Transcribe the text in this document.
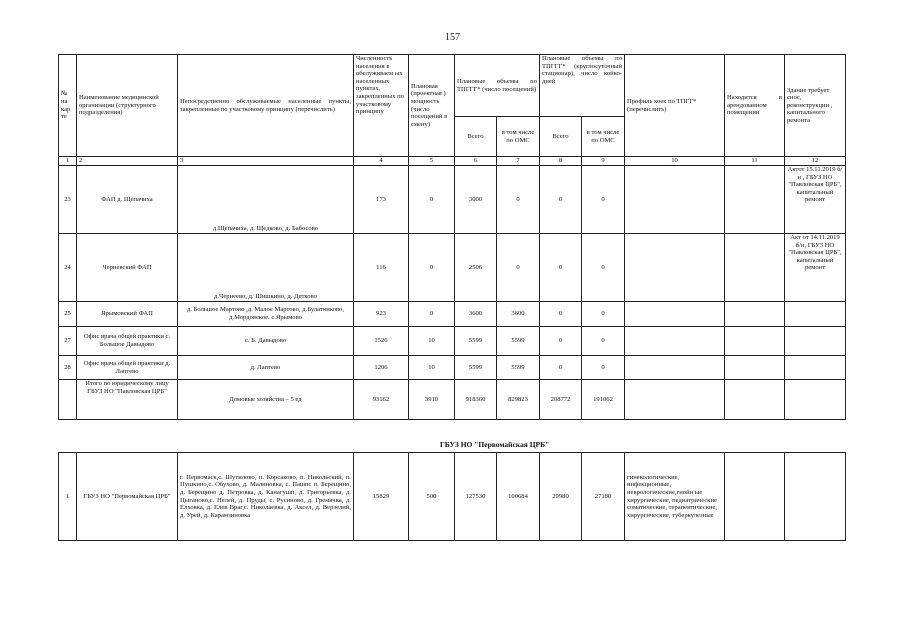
157
№ на кар те	Наименование медицинской организации (структурного подразделения)	Непосредственно обслуживаемые населенные пункты, закрепленные по участковому принципу (перечислить)	Численность населения в обслуживаем ых населенных пунктах, закрепленных по участковому принципу	Плановая (проектная ) мощность (число посещений в смену)	Плановые объемы по ТПГГГ* (число посещений)		Плановые объемы по ТПГГГ* (круглосуточный стационар), число койко-дней		Профиль коек по ТПГГ* (перечислить)	Находится в арендованном помещении	Здание требует снос, реконструкции , капитального ремонта
					Всего	в том числе по ОМС	Всего	в том числе по ОМС			
1	2	3	4	5	6	7	8	9	10	11	12
23	ФАП д. Щепачиха	д.Щепачиха, д. Щедково, д. Бабосово	173	0	3000	0	0	0			Актот 15.11.2019 б/н , ГБУЗ НО "Павловская ЦРБ", капитальный ремонт
24	Черневский ФАП	д.Чернеево, д. Шишкино, д. Детково	116	0	2506	0	0	0			Акт от 14.11.2019 б/н, ГБУЗ НО "Павловская ЦРБ", капитальный ремонт
25	Ярымовский ФАП	д. Большое Мартово ,д. Малое Мартово, д.Булатниково, д.Мордовское. с.Ярымово	923	0	3600	3600	0	0			
27	Офис врача общей практики с. Большое Давыдово	с. Б. Давыдово	1526	10	5599	5599	0	0			
28	Офис врача общей практики д. Лаптево	д. Лаптево	1206	10	5599	5599	0	0			
	Итого по юридическому лицу ГБУЗ НО "Павловская ЦРБ"	Домовые хозяйства – 5 ед	93162	3910	918360	829823	208772	191062			
ГБУЗ НО "Первомайская ЦРБ"
1	ГБУЗ НО "Первомайская ЦРБ"	г. Первомаск,с. Шутилово, п. Корсаково, п. Никольский, п. Пушкино,с. Обухово, д. Малиновка, с. Пашпс п. Берещино, д. Берещино д. Петровка, д. Канагушп, д. Григорьевка, д. Цыганово,с. Нелей, д. Пруды, с. Русиново, д. Гремячка, д. Елховка, д. Елев Враг,с. Николаевка, д. Аксел, д. Верзелий, д. Урей, д. Карамзиновка	15829	500	127530	100684	29980	27180	гинекологические, инфекционные, неврологические,гнойн ые хирургические, педиатрические соматические, терапевтические, хирургические, туберкулезные		
